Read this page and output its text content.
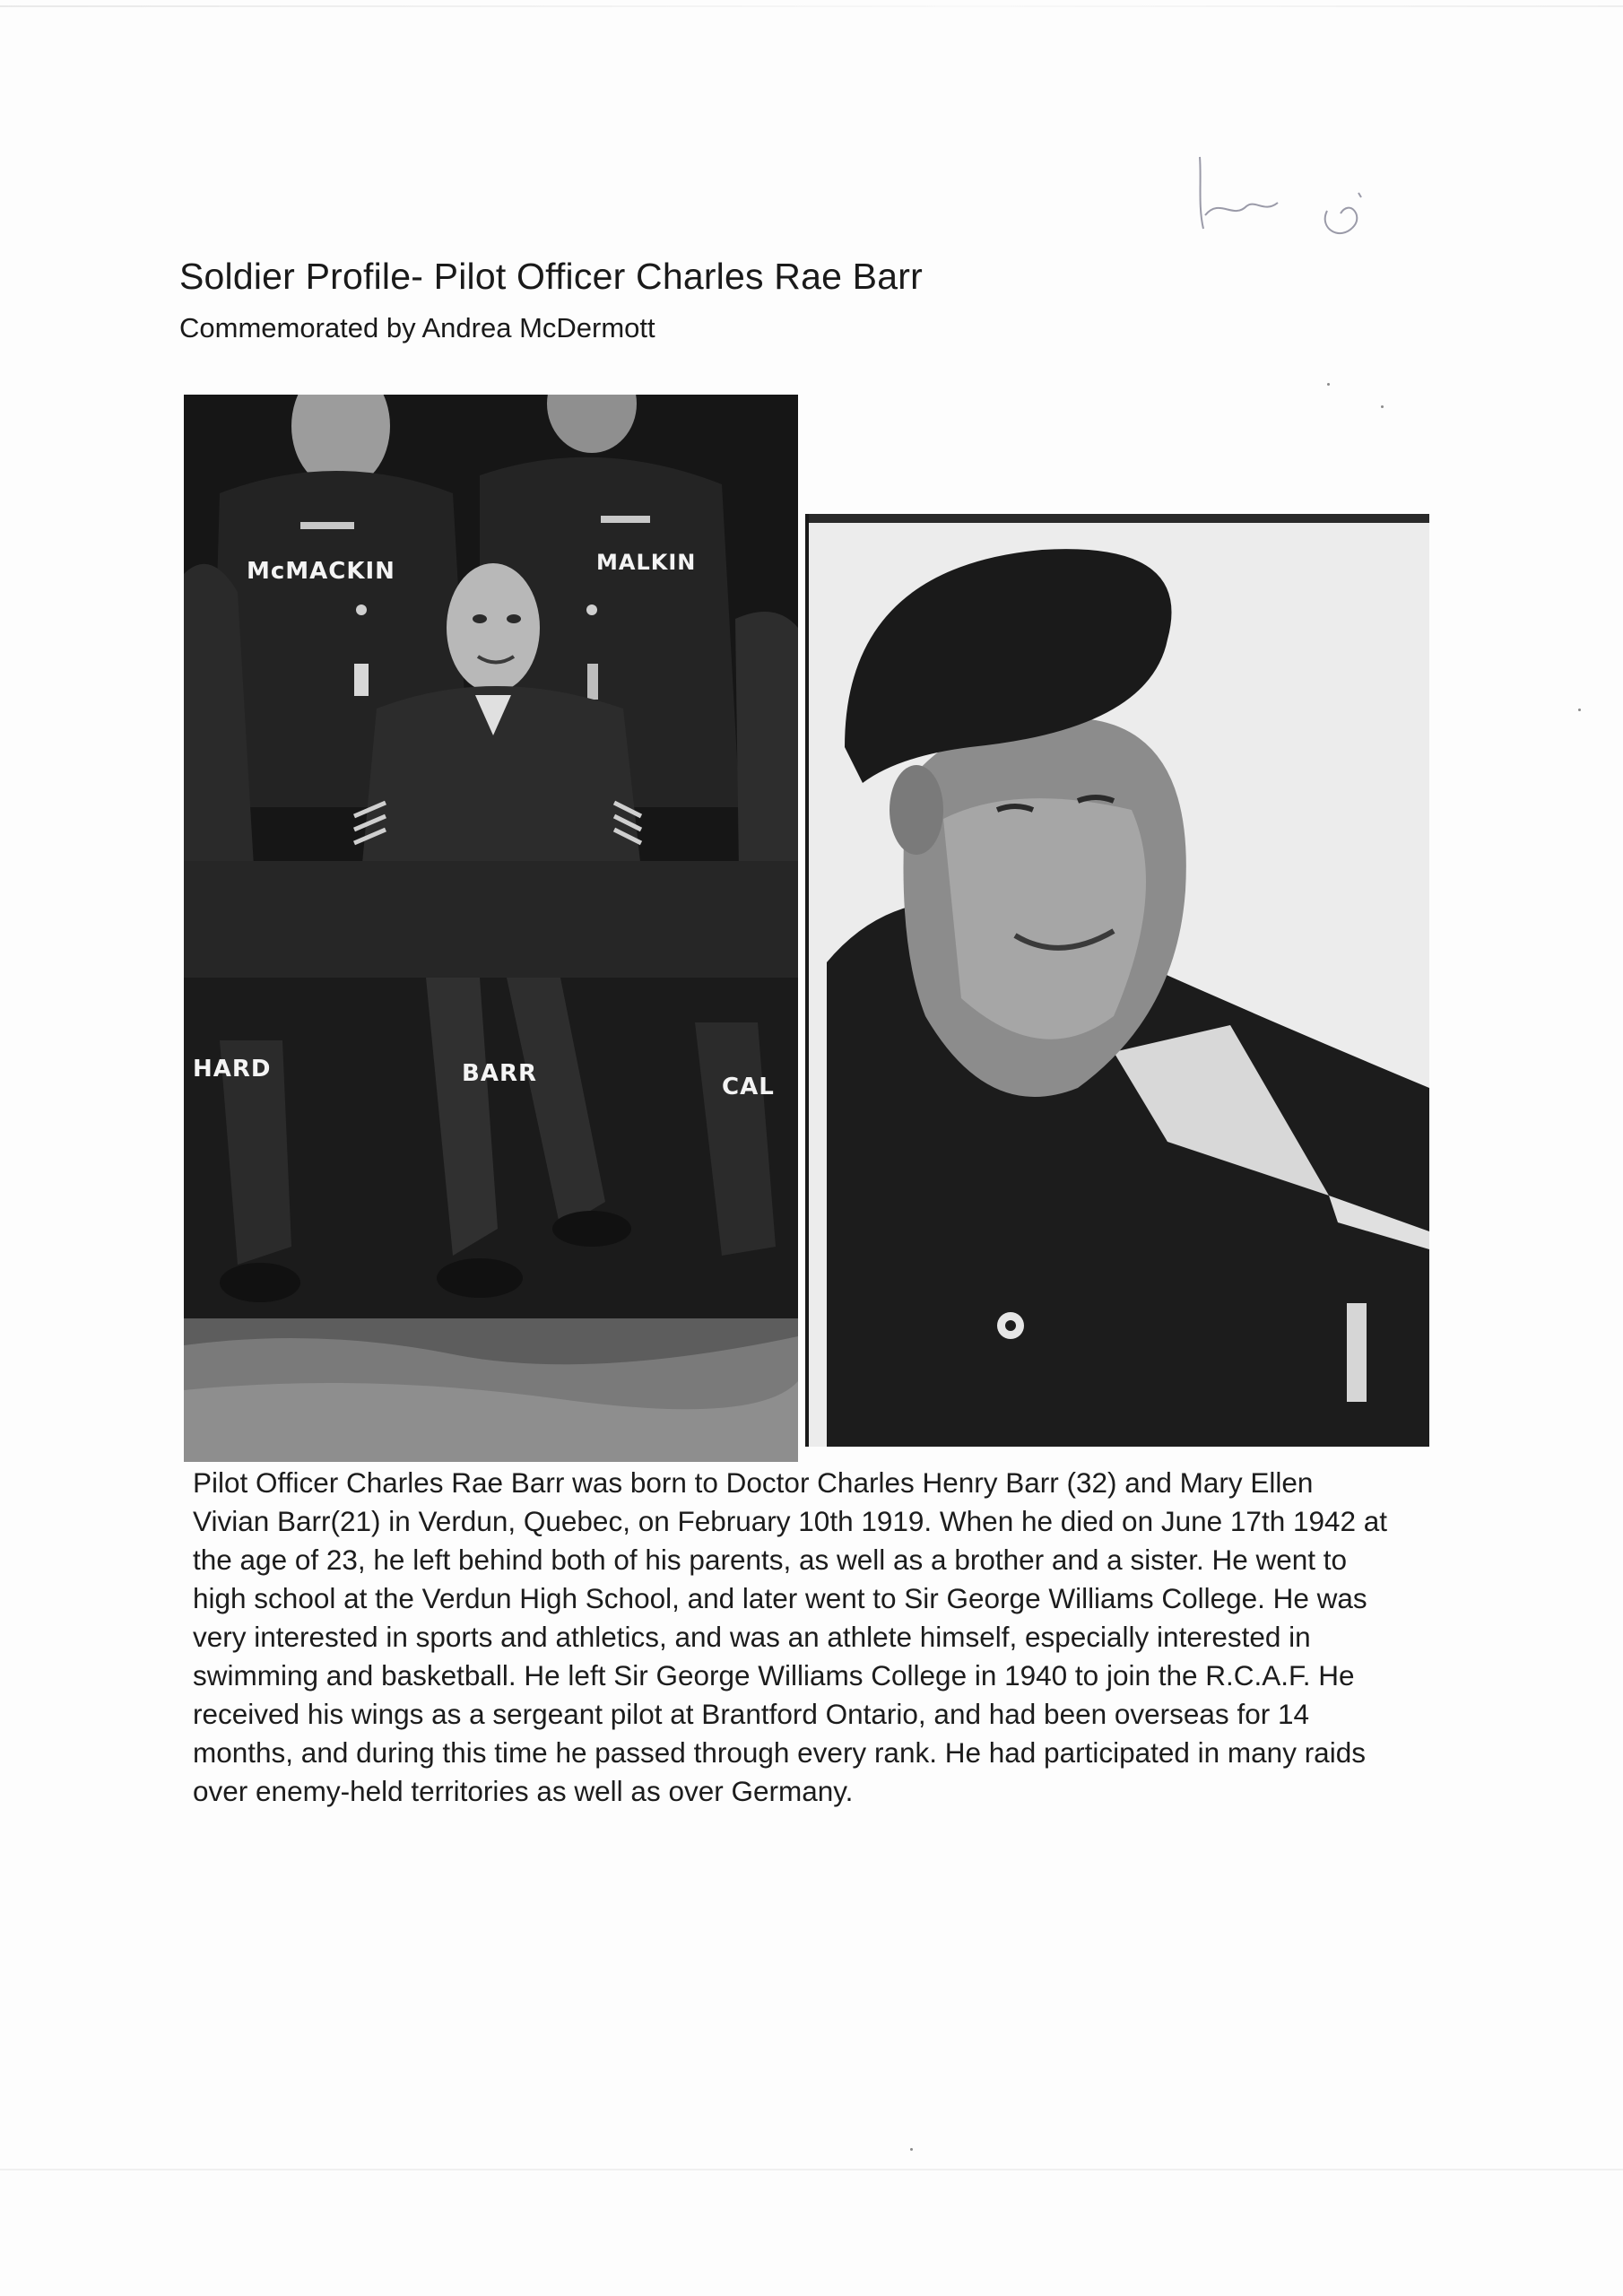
Soldier Profile- Pilot Officer Charles Rae Barr

Commemorated by Andrea McDermott

McMACKIN	MALKIN
HARD	BARR	CAL
Pilot Officer Charles Rae Barr was born to Doctor Charles Henry Barr (32) and Mary Ellen
Vivian Barr(21) in Verdun, Quebec, on February 10th 1919. When he died on June 17th 1942 at
the age of 23, he left behind both of his parents, as well as a brother and a sister. He went to
high school at the Verdun High School, and later went to Sir George Williams College. He was
very interested in sports and athletics, and was an athlete himself, especially interested in
swimming and basketball. He left Sir George Williams College in 1940 to join the R.C.A.F. He
received his wings as a sergeant pilot at Brantford Ontario, and had been overseas for 14
months, and during this time he passed through every rank. He had participated in many raids
over enemy-held territories as well as over Germany.
